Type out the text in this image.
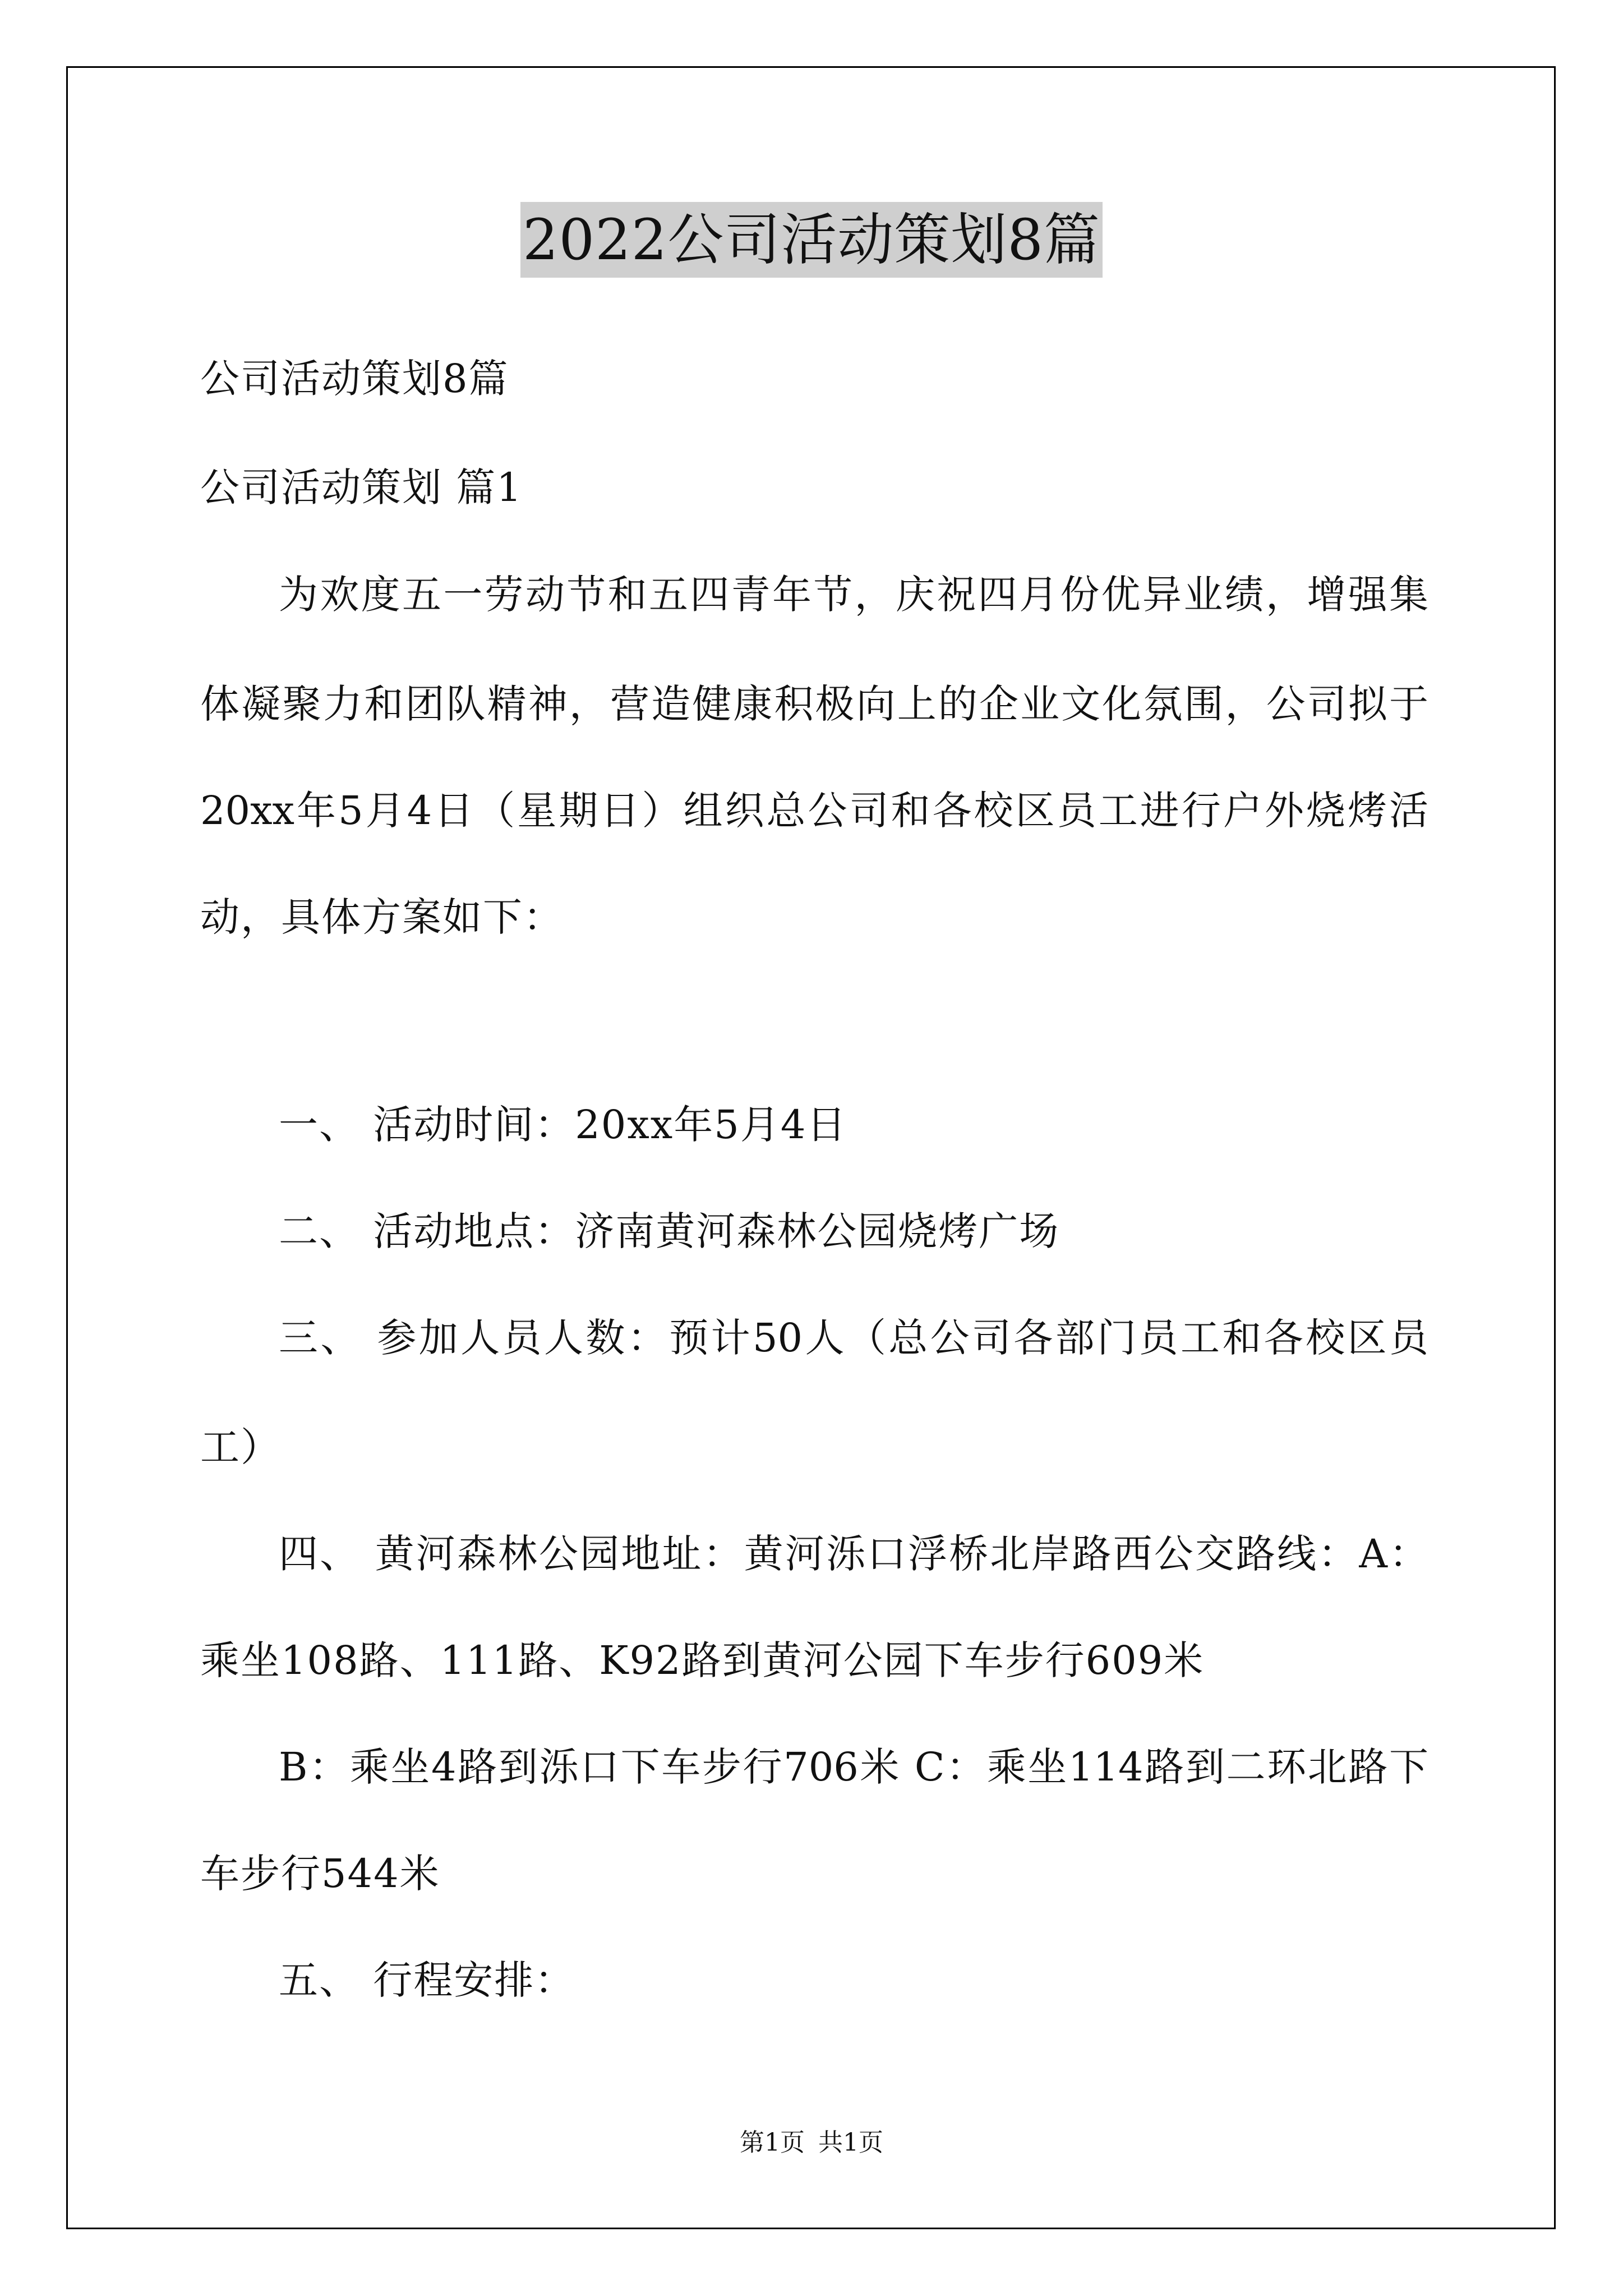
2022公司活动策划8篇
公司活动策划8篇
公司活动策划 篇1
为欢度五一劳动节和五四青年节，庆祝四月份优异业绩，增强集
体凝聚力和团队精神，营造健康积极向上的企业文化氛围，公司拟于
20xx年5月4日（星期日）组织总公司和各校区员工进行户外烧烤活
动，具体方案如下：
一、 活动时间：20xx年5月4日
二、 活动地点：济南黄河森林公园烧烤广场
三、 参加人员人数：预计50人（总公司各部门员工和各校区员
工）
四、 黄河森林公园地址：黄河泺口浮桥北岸路西公交路线：A：
乘坐108路、111路、K92路到黄河公园下车步行609米
B：乘坐4路到泺口下车步行706米 C：乘坐114路到二环北路下
车步行544米
五、 行程安排：
第1页 共1页
